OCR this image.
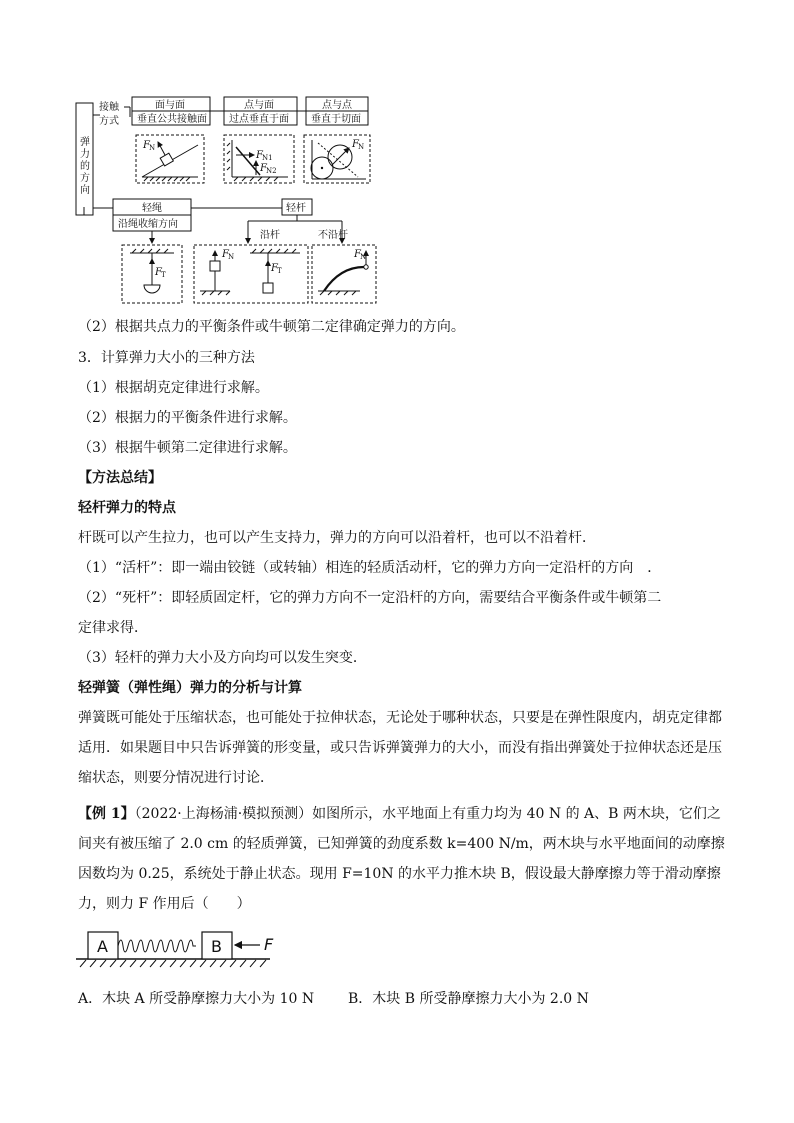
弹
力
的
方
向
接触
方式
面与面
垂直公共接触面
点与面
过点垂直于面
点与点
垂直于切面
F N
F N1
F N2
F N
轻绳
沿绳收缩方向
轻杆
沿杆	不沿杆
F T
F N
F T
F N
（2）根据共点力的平衡条件或牛顿第二定律确定弹力的方向。
3．计算弹力大小的三种方法
（1）根据胡克定律进行求解。
（2）根据力的平衡条件进行求解。
（3）根据牛顿第二定律进行求解。
【方法总结】
轻杆弹力的特点
杆既可以产生拉力，也可以产生支持力，弹力的方向可以沿着杆，也可以不沿着杆．
（1）“活杆”：即一端由铰链（或转轴）相连的轻质活动杆，它的弹力方向一定沿杆的方向　．
（2）“死杆”：即轻质固定杆，它的弹力方向不一定沿杆的方向，需要结合平衡条件或牛顿第二
定律求得．
（3）轻杆的弹力大小及方向均可以发生突变．
轻弹簧（弹性绳）弹力的分析与计算
弹簧既可能处于压缩状态，也可能处于拉伸状态，无论处于哪种状态，只要是在弹性限度内，胡克定律都适用．如果题目中只告诉弹簧的形变量，或只告诉弹簧弹力的大小，而没有指出弹簧处于拉伸状态还是压缩状态，则要分情况进行讨论．
【例 1】（2022·上海杨浦·模拟预测）如图所示，水平地面上有重力均为 40 N 的 A、B 两木块，它们之间夹有被压缩了 2.0 cm 的轻质弹簧，已知弹簧的劲度系数 k=400 N/m，两木块与水平地面间的动摩擦因数均为 0.25，系统处于静止状态。现用 F=10N 的水平力推木块 B，假设最大静摩擦力等于滑动摩擦力，则力 F 作用后（　　）
A	B	F
A．木块 A 所受静摩擦力大小为 10 N B．木块 B 所受静摩擦力大小为 2.0 N
